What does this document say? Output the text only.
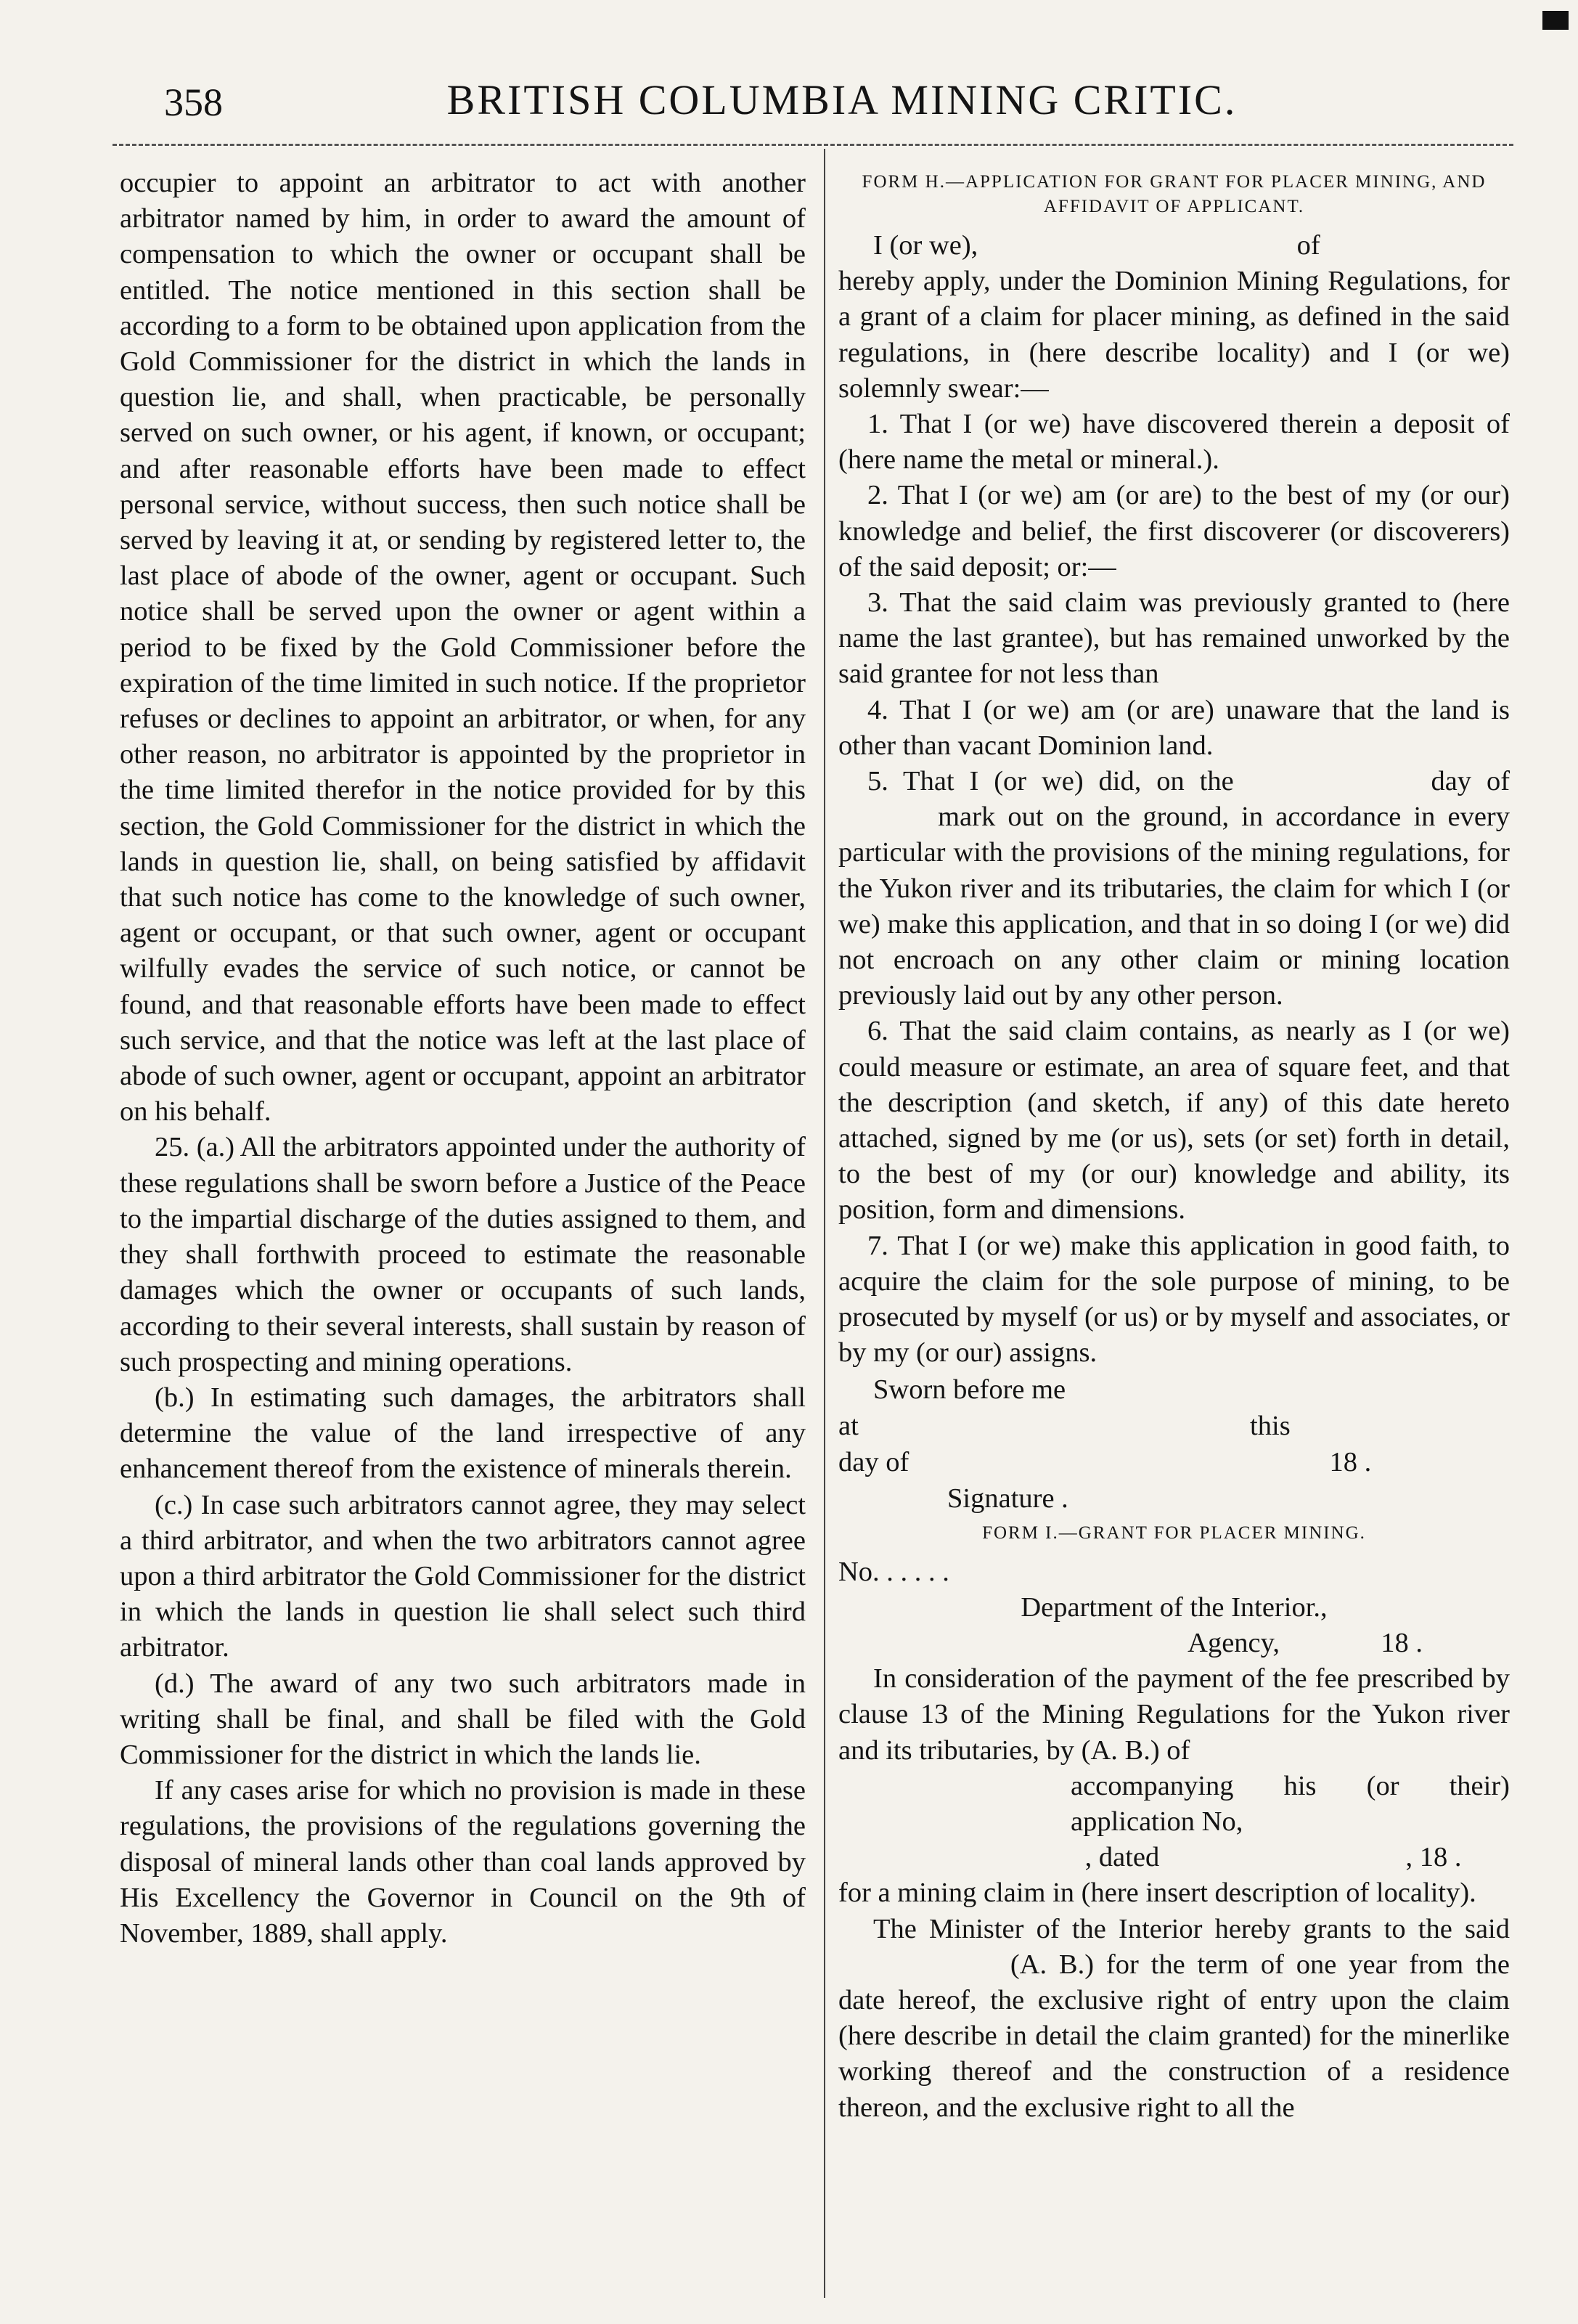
358	BRITISH COLUMBIA MINING CRITIC.

occupier to appoint an arbitrator to act with another arbitrator named by him, in order to award the amount of compensation to which the owner or occupant shall be entitled. The notice mentioned in this section shall be according to a form to be obtained upon application from the Gold Commissioner for the district in which the lands in question lie, and shall, when practicable, be personally served on such owner, or his agent, if known, or occupant; and after reasonable efforts have been made to effect personal service, without success, then such notice shall be served by leaving it at, or sending by registered letter to, the last place of abode of the owner, agent or occupant. Such notice shall be served upon the owner or agent within a period to be fixed by the Gold Commissioner before the expiration of the time limited in such notice. If the proprietor refuses or declines to appoint an arbitrator, or when, for any other reason, no arbitrator is appointed by the proprietor in the time limited therefor in the notice provided for by this section, the Gold Commissioner for the district in which the lands in question lie, shall, on being satisfied by affidavit that such notice has come to the knowledge of such owner, agent or occupant, or that such owner, agent or occupant wilfully evades the service of such notice, or cannot be found, and that reasonable efforts have been made to effect such service, and that the notice was left at the last place of abode of such owner, agent or occupant, appoint an arbitrator on his behalf.

25. (a.) All the arbitrators appointed under the authority of these regulations shall be sworn before a Justice of the Peace to the impartial discharge of the duties assigned to them, and they shall forthwith proceed to estimate the reasonable damages which the owner or occupants of such lands, according to their several interests, shall sustain by reason of such prospecting and mining operations.

(b.) In estimating such damages, the arbitrators shall determine the value of the land irrespective of any enhancement thereof from the existence of minerals therein.

(c.) In case such arbitrators cannot agree, they may select a third arbitrator, and when the two arbitrators cannot agree upon a third arbitrator the Gold Commissioner for the district in which the lands in question lie shall select such third arbitrator.

(d.) The award of any two such arbitrators made in writing shall be final, and shall be filed with the Gold Commissioner for the district in which the lands lie.

If any cases arise for which no provision is made in these regulations, the provisions of the regulations governing the disposal of mineral lands other than coal lands approved by His Excellency the Governor in Council on the 9th of November, 1889, shall apply.

FORM H.—APPLICATION FOR GRANT FOR PLACER MINING, AND AFFIDAVIT OF APPLICANT.

I (or we),	of

hereby apply, under the Dominion Mining Regulations, for a grant of a claim for placer mining, as defined in the said regulations, in (here describe locality) and I (or we) solemnly swear:—

1. That I (or we) have discovered therein a deposit of (here name the metal or mineral.).

2. That I (or we) am (or are) to the best of my (or our) knowledge and belief, the first discoverer (or discoverers) of the said deposit; or:—

3. That the said claim was previously granted to (here name the last grantee), but has remained unworked by the said grantee for not less than

4. That I (or we) am (or are) unaware that the land is other than vacant Dominion land.

5. That I (or we) did, on the	day of  mark out on the ground, in accordance in every particular with the provisions of the mining regulations, for the Yukon river and its tributaries, the claim for which I (or we) make this application, and that in so doing I (or we) did not encroach on any other claim or mining location previously laid out by any other person.

6. That the said claim contains, as nearly as I (or we) could measure or estimate, an area of square feet, and that the description (and sketch, if any) of this date hereto attached, signed by me (or us), sets (or set) forth in detail, to the best of my (or our) knowledge and ability, its position, form and dimensions.

7. That I (or we) make this application in good faith, to acquire the claim for the sole purpose of mining, to be prosecuted by myself (or us) or by myself and associates, or by my (or our) assigns.

Sworn before me

at	this

day of	18 .

Signature .

FORM I.—GRANT FOR PLACER MINING.

No. . . . . .

Department of the Interior.,

Agency,	18 .

In consideration of the payment of the fee prescribed by clause 13 of the Mining Regulations for the Yukon river and its tributaries, by (A. B.) of

accompanying his (or their) application No,

, dated	, 18 .

for a mining claim in (here insert description of locality).

The Minister of the Interior hereby grants to the said  (A. B.) for the term of one year from the date hereof, the exclusive right of entry upon the claim (here describe in detail the claim granted) for the minerlike working thereof and the construction of a residence thereon, and the exclusive right to all the
